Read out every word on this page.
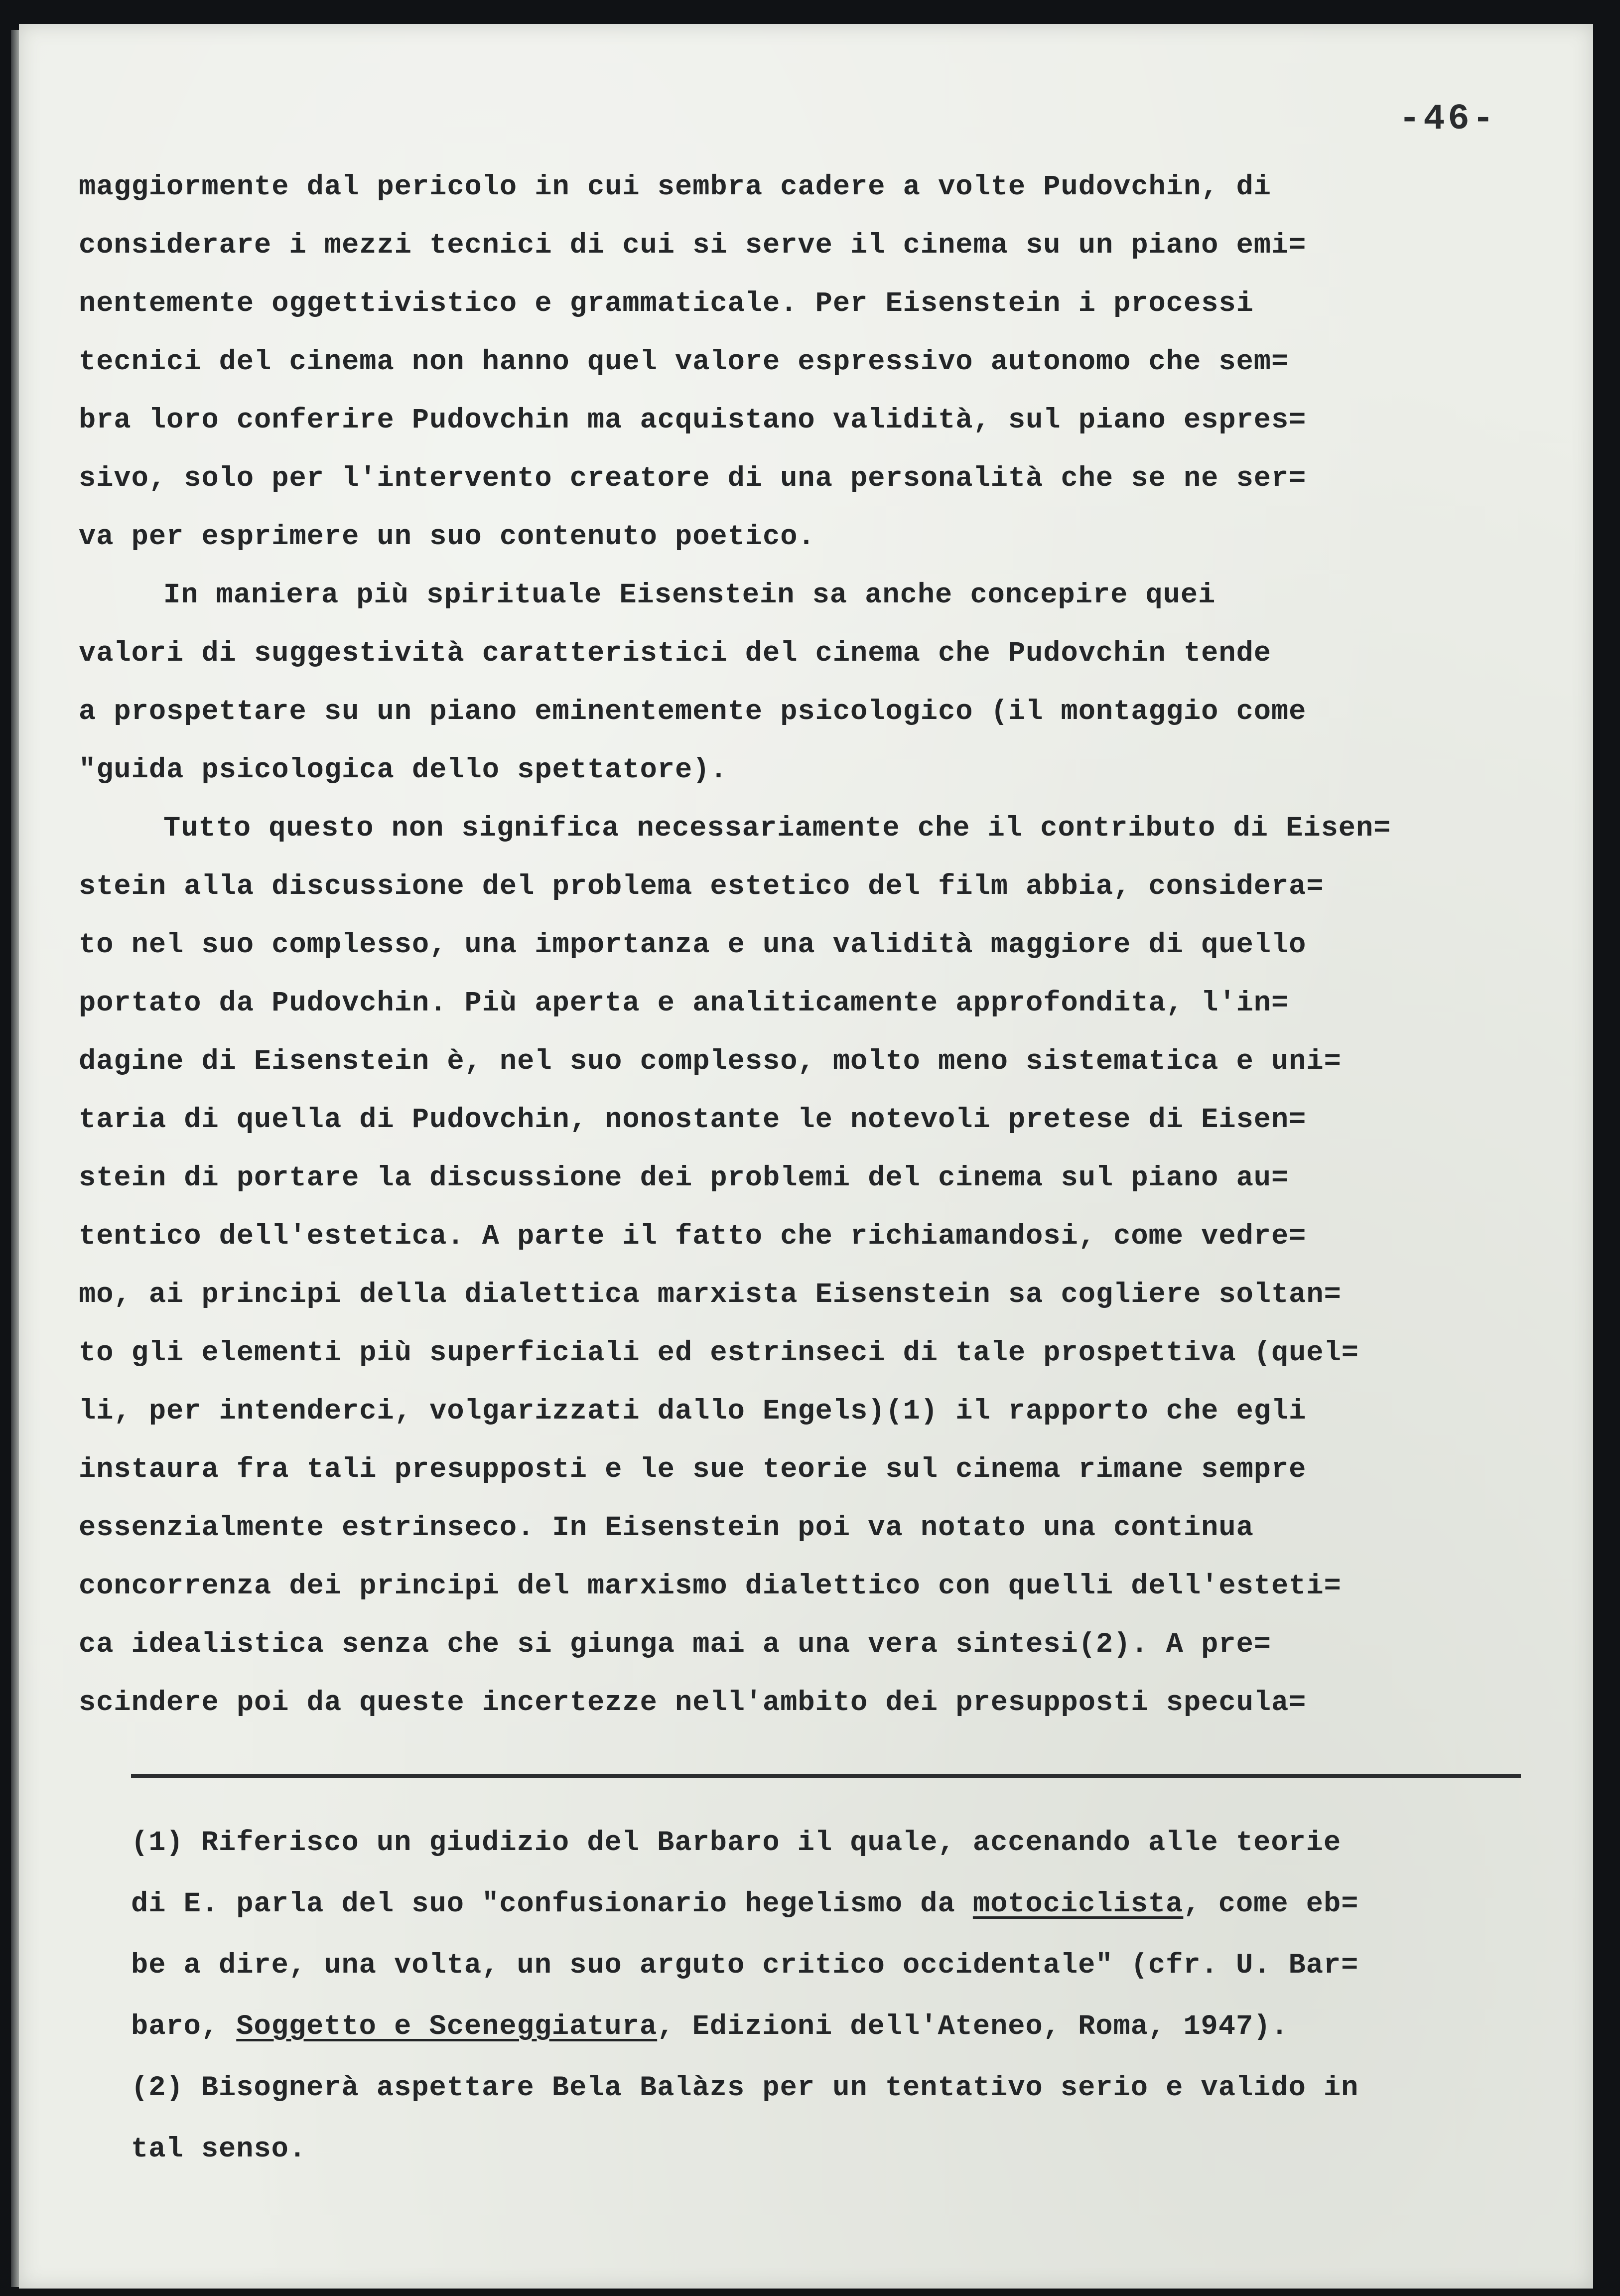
-46-
maggiormente dal pericolo in cui sembra cadere a volte Pudovchin, di
considerare i mezzi tecnici di cui si serve il cinema su un piano emi=
nentemente oggettivistico e grammaticale. Per Eisenstein i processi
tecnici del cinema non hanno quel valore espressivo autonomo che sem=
bra loro conferire Pudovchin ma acquistano validità, sul piano espres=
sivo, solo per l'intervento creatore di una personalità che se ne ser=
va per esprimere un suo contenuto poetico.
In maniera più spirituale Eisenstein sa anche concepire quei
valori di suggestività caratteristici del cinema che Pudovchin tende
a prospettare su un piano eminentemente psicologico (il montaggio come
"guida psicologica dello spettatore).
Tutto questo non significa necessariamente che il contributo di Eisen=
stein alla discussione del problema estetico del film abbia, considera=
to nel suo complesso, una importanza e una validità maggiore di quello
portato da Pudovchin. Più aperta e analiticamente approfondita, l'in=
dagine di Eisenstein è, nel suo complesso, molto meno sistematica e uni=
taria di quella di Pudovchin, nonostante le notevoli pretese di Eisen=
stein di portare la discussione dei problemi del cinema sul piano au=
tentico dell'estetica. A parte il fatto che richiamandosi, come vedre=
mo, ai principi della dialettica marxista Eisenstein sa cogliere soltan=
to gli elementi più superficiali ed estrinseci di tale prospettiva (quel=
li, per intenderci, volgarizzati dallo Engels)(1) il rapporto che egli
instaura fra tali presupposti e le sue teorie sul cinema rimane sempre
essenzialmente estrinseco. In Eisenstein poi va notato una continua
concorrenza dei principi del marxismo dialettico con quelli dell'esteti=
ca idealistica senza che si giunga mai a una vera sintesi(2). A pre=
scindere poi da queste incertezze nell'ambito dei presupposti specula=
(1) Riferisco un giudizio del Barbaro il quale, accenando alle teorie
di E. parla del suo "confusionario hegelismo da motociclista, come eb=
be a dire, una volta, un suo arguto critico occidentale" (cfr. U. Bar=
baro, Soggetto e Sceneggiatura, Edizioni dell'Ateneo, Roma, 1947).
(2) Bisognerà aspettare Bela Balàzs per un tentativo serio e valido in
tal senso.
